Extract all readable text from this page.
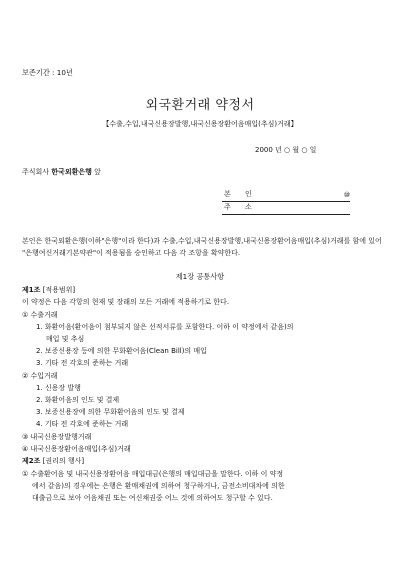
보존기간 : 10년
외국환거래 약정서
【수출,수입,내국신용장발행,내국신용장환어음매입(추심)거래】
2000 년 ○ 월 ○ 일
주식회사 한국외환은행 앞
본 인	⑩
주 소
본인은 한국외환은행(이하"은행"이라 한다)과 수출,수입,내국신용장발행,내국신용장환어음매입(추심)거래를 함에 있어 "은행여신거래기본약관"이 적용됨을 승인하고 다음 각 조항을 확약한다.
제1장 공통사항
제1조 [적용범위]
이 약정은 다음 각항의 현재 및 장래의 모든 거래에 적용하기로 한다.
① 수출거래
1. 화환어음(환어음이 첨부되지 않은 선적서류를 포함한다. 이하 이 약정에서 같음)의
매입 및 추심
2. 보증신용장 등에 의한 무화환어음(Clean Bill)의 매입
3. 기타 전 각호의 준하는 거래
② 수입거래
1. 신용장 발행
2. 화환어음의 인도 및 결제
3. 보증신용장에 의한 무화환어음의 인도 및 결제
4. 기타 전 각호에 준하는 거래
③ 내국신용장발행거래
④ 내국신용장환어음매입(추심)거래
제2조 [권리의 행사]
① 수출환어음 및 내국신용장환어음 매입대금(은행의 매입대금을 말한다. 이하 이 약정
에서 같음)의 경우에는 은행은 환매채권에 의하여 청구하거나, 금전소비대차에 의한
대출금으로 보아 어음채권 또는 여신채권중 어느 것에 의하여도 청구할 수 있다.
